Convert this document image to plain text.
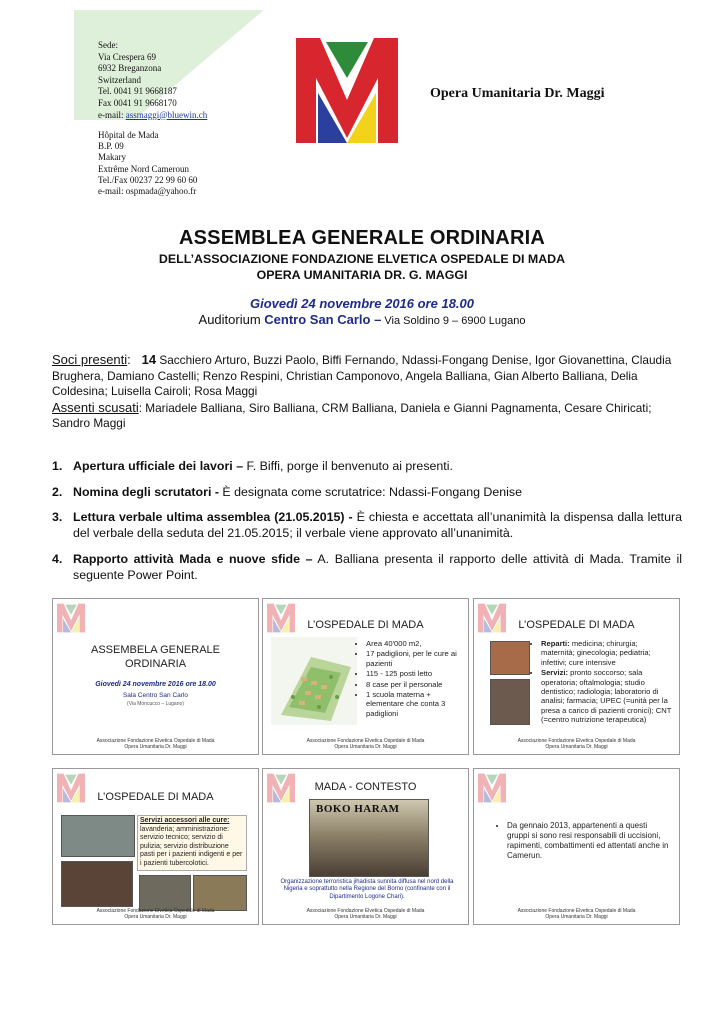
Sede:
Via Crespera 69
6932 Breganzona
Switzerland
Tel. 0041 91 9668187
Fax 0041 91 9668170
e-mail: assmaggi@bluewin.ch
Hôpital de Mada
B.P. 09
Makary
Extrême Nord Cameroun
Tel./Fax 00237 22 99 60 60
e-mail: ospmada@yahoo.fr
Opera Umanitaria Dr. Maggi
ASSEMBLEA GENERALE ORDINARIA
DELL’ASSOCIAZIONE FONDAZIONE ELVETICA OSPEDALE DI MADA
OPERA UMANITARIA DR. G. MAGGI
Giovedì 24 novembre 2016 ore 18.00
Auditorium Centro San Carlo – Via Soldino 9 – 6900 Lugano
Soci presenti:   14 Sacchiero Arturo, Buzzi Paolo, Biffi Fernando, Ndassi-Fongang Denise, Igor Giovanettina, Claudia Brughera, Damiano Castelli; Renzo Respini, Christian Camponovo, Angela Balliana, Gian Alberto Balliana, Delia Coldesina; Luisella Cairoli; Rosa Maggi
Assenti scusati: Mariadele Balliana, Siro Balliana, CRM Balliana, Daniela e Gianni Pagnamenta, Cesare Chiricati; Sandro Maggi
1. Apertura ufficiale dei lavori – F. Biffi, porge il benvenuto ai presenti.
2. Nomina degli scrutatori - È designata come scrutatrice: Ndassi-Fongang Denise
3. Lettura verbale ultima assemblea (21.05.2015) - È chiesta e accettata all’unanimità la dispensa dalla lettura del verbale della seduta del 21.05.2015; il verbale viene approvato all’unanimità.
4. Rapporto attività Mada e nuove sfide – A. Balliana presenta il rapporto delle attività di Mada. Tramite il seguente Power Point.
ASSEMBELA GENERALE
ORDINARIA
Giovedì 24 novembre 2016 ore 18.00
Sala Centro San Carlo
(Via Moncucco – Lugano)
Associazione Fondazione Elvetica Ospedale di Mada
Opera Umanitaria Dr. Maggi
L’OSPEDALE DI MADA
• Area 40'000 m2,
• 17 padiglioni, per le cure ai pazienti
• 115 - 125 posti letto
• 8 case per il personale
• 1 scuola materna + elementare che conta 3 padiglioni
Associazione Fondazione Elvetica Ospedale di Mada
Opera Umanitaria Dr. Maggi
L’OSPEDALE DI MADA
• Reparti: medicina; chirurgia; maternità; ginecologia; pediatria; infettivi; cure intensive
• Servizi: pronto soccorso; sala operatoria; oftalmologia; studio dentistico; radiologia; laboratorio di analisi; farmacia; UPEC (=unità per la presa a carico di pazienti cronici); CNT (=centro nutrizione terapeutica)
Associazione Fondazione Elvetica Ospedale di Mada
Opera Umanitaria Dr. Maggi
L’OSPEDALE DI MADA
Servizi accessori alle cure:
lavanderia; amministrazione: servizio tecnico; servizio di pulizia; servizio distribuzione pasti per i pazienti indigenti e per i pazienti tubercolotici.
Associazione Fondazione Elvetica Ospedale di Mada
Opera Umanitaria Dr. Maggi
MADA - CONTESTO
BOKO HARAM
Organizzazione terroristica jihadista sunnita diffusa nel nord della Nigeria e soprattutto nella Regione del Borno (confinante con il Dipartimento Logone Chari).
Associazione Fondazione Elvetica Ospedale di Mada
Opera Umanitaria Dr. Maggi
• Da gennaio 2013, appartenenti a questi gruppi si sono resi responsabili di uccisioni, rapimenti, combattimenti ed attentati anche in Camerun.
Associazione Fondazione Elvetica Ospedale di Mada
Opera Umanitaria Dr. Maggi
